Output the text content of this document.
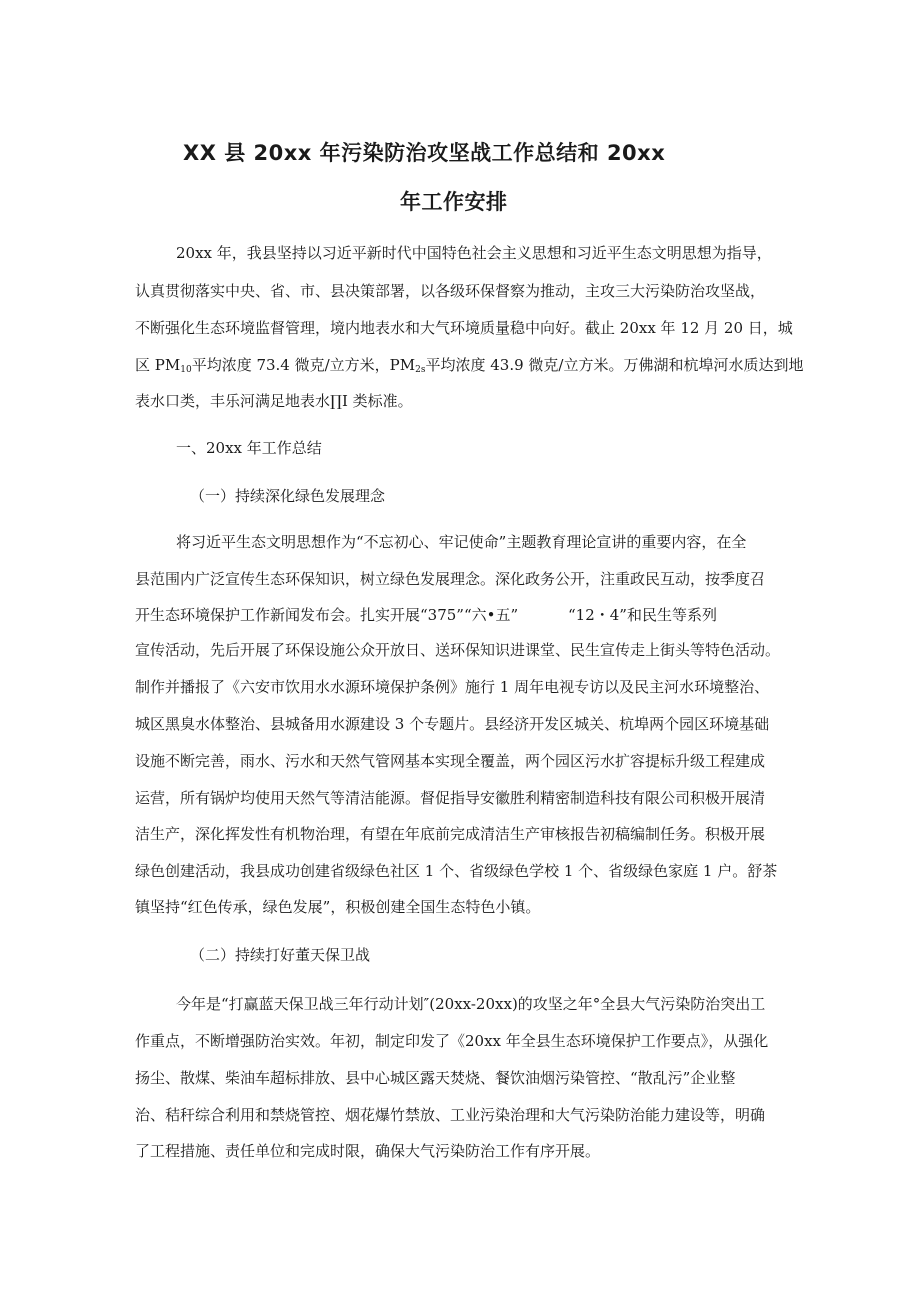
XX 县 20xx 年污染防治攻坚战工作总结和 20xx
年工作安排
20xx 年，我县坚持以习近平新时代中国特色社会主义思想和习近平生态文明思想为指导，
认真贯彻落实中央、省、市、县决策部署，以各级环保督察为推动，主攻三大污染防治攻坚战，
不断强化生态环境监督管理，境内地表水和大气环境质量稳中向好。截止 20xx 年 12 月 20 日，城
区 $PM_{10}$平均浓度 73.4 微克/立方米，$PM_{2s}$平均浓度 43.9 微克/立方米。万佛湖和杭埠河水质达到地
表水口类，丰乐河满足地表水∏I 类标准。
一、20xx 年工作总结
（一）持续深化绿色发展理念
将习近平生态文明思想作为“不忘初心、牢记使命”主题教育理论宣讲的重要内容，在全
县范围内广泛宣传生态环保知识，树立绿色发展理念。深化政务公开，注重政民互动，按季度召
开生态环境保护工作新闻发布会。扎实开展“375”“六•五”	“12・4”和民生等系列
宣传活动，先后开展了环保设施公众开放日、送环保知识进课堂、民生宣传走上街头等特色活动。
制作并播报了《六安市饮用水水源环境保护条例》施行 1 周年电视专访以及民主河水环境整治、
城区黑臭水体整治、县城备用水源建设 3 个专题片。县经济开发区城关、杭埠两个园区环境基础
设施不断完善，雨水、污水和天然气管网基本实现全覆盖，两个园区污水扩容提标升级工程建成
运营，所有锅炉均使用天然气等清洁能源。督促指导安徽胜利精密制造科技有限公司积极开展清
洁生产，深化挥发性有机物治理，有望在年底前完成清洁生产审核报告初稿编制任务。积极开展
绿色创建活动，我县成功创建省级绿色社区 1 个、省级绿色学校 1 个、省级绿色家庭 1 户。舒茶
镇坚持“红色传承，绿色发展”，积极创建全国生态特色小镇。
（二）持续打好董天保卫战
今年是“打赢蓝天保卫战三年行动计划″(20xx-20xx)的攻坚之年°全县大气污染防治突出工
作重点，不断增强防治实效。年初，制定印发了《20xx 年全县生态环境保护工作要点》，从强化
扬尘、散煤、柴油车超标排放、县中心城区露天焚烧、餐饮油烟污染管控、“散乱污”企业整
治、秸秆综合利用和禁烧管控、烟花爆竹禁放、工业污染治理和大气污染防治能力建设等，明确
了工程措施、责任单位和完成时限，确保大气污染防治工作有序开展。
